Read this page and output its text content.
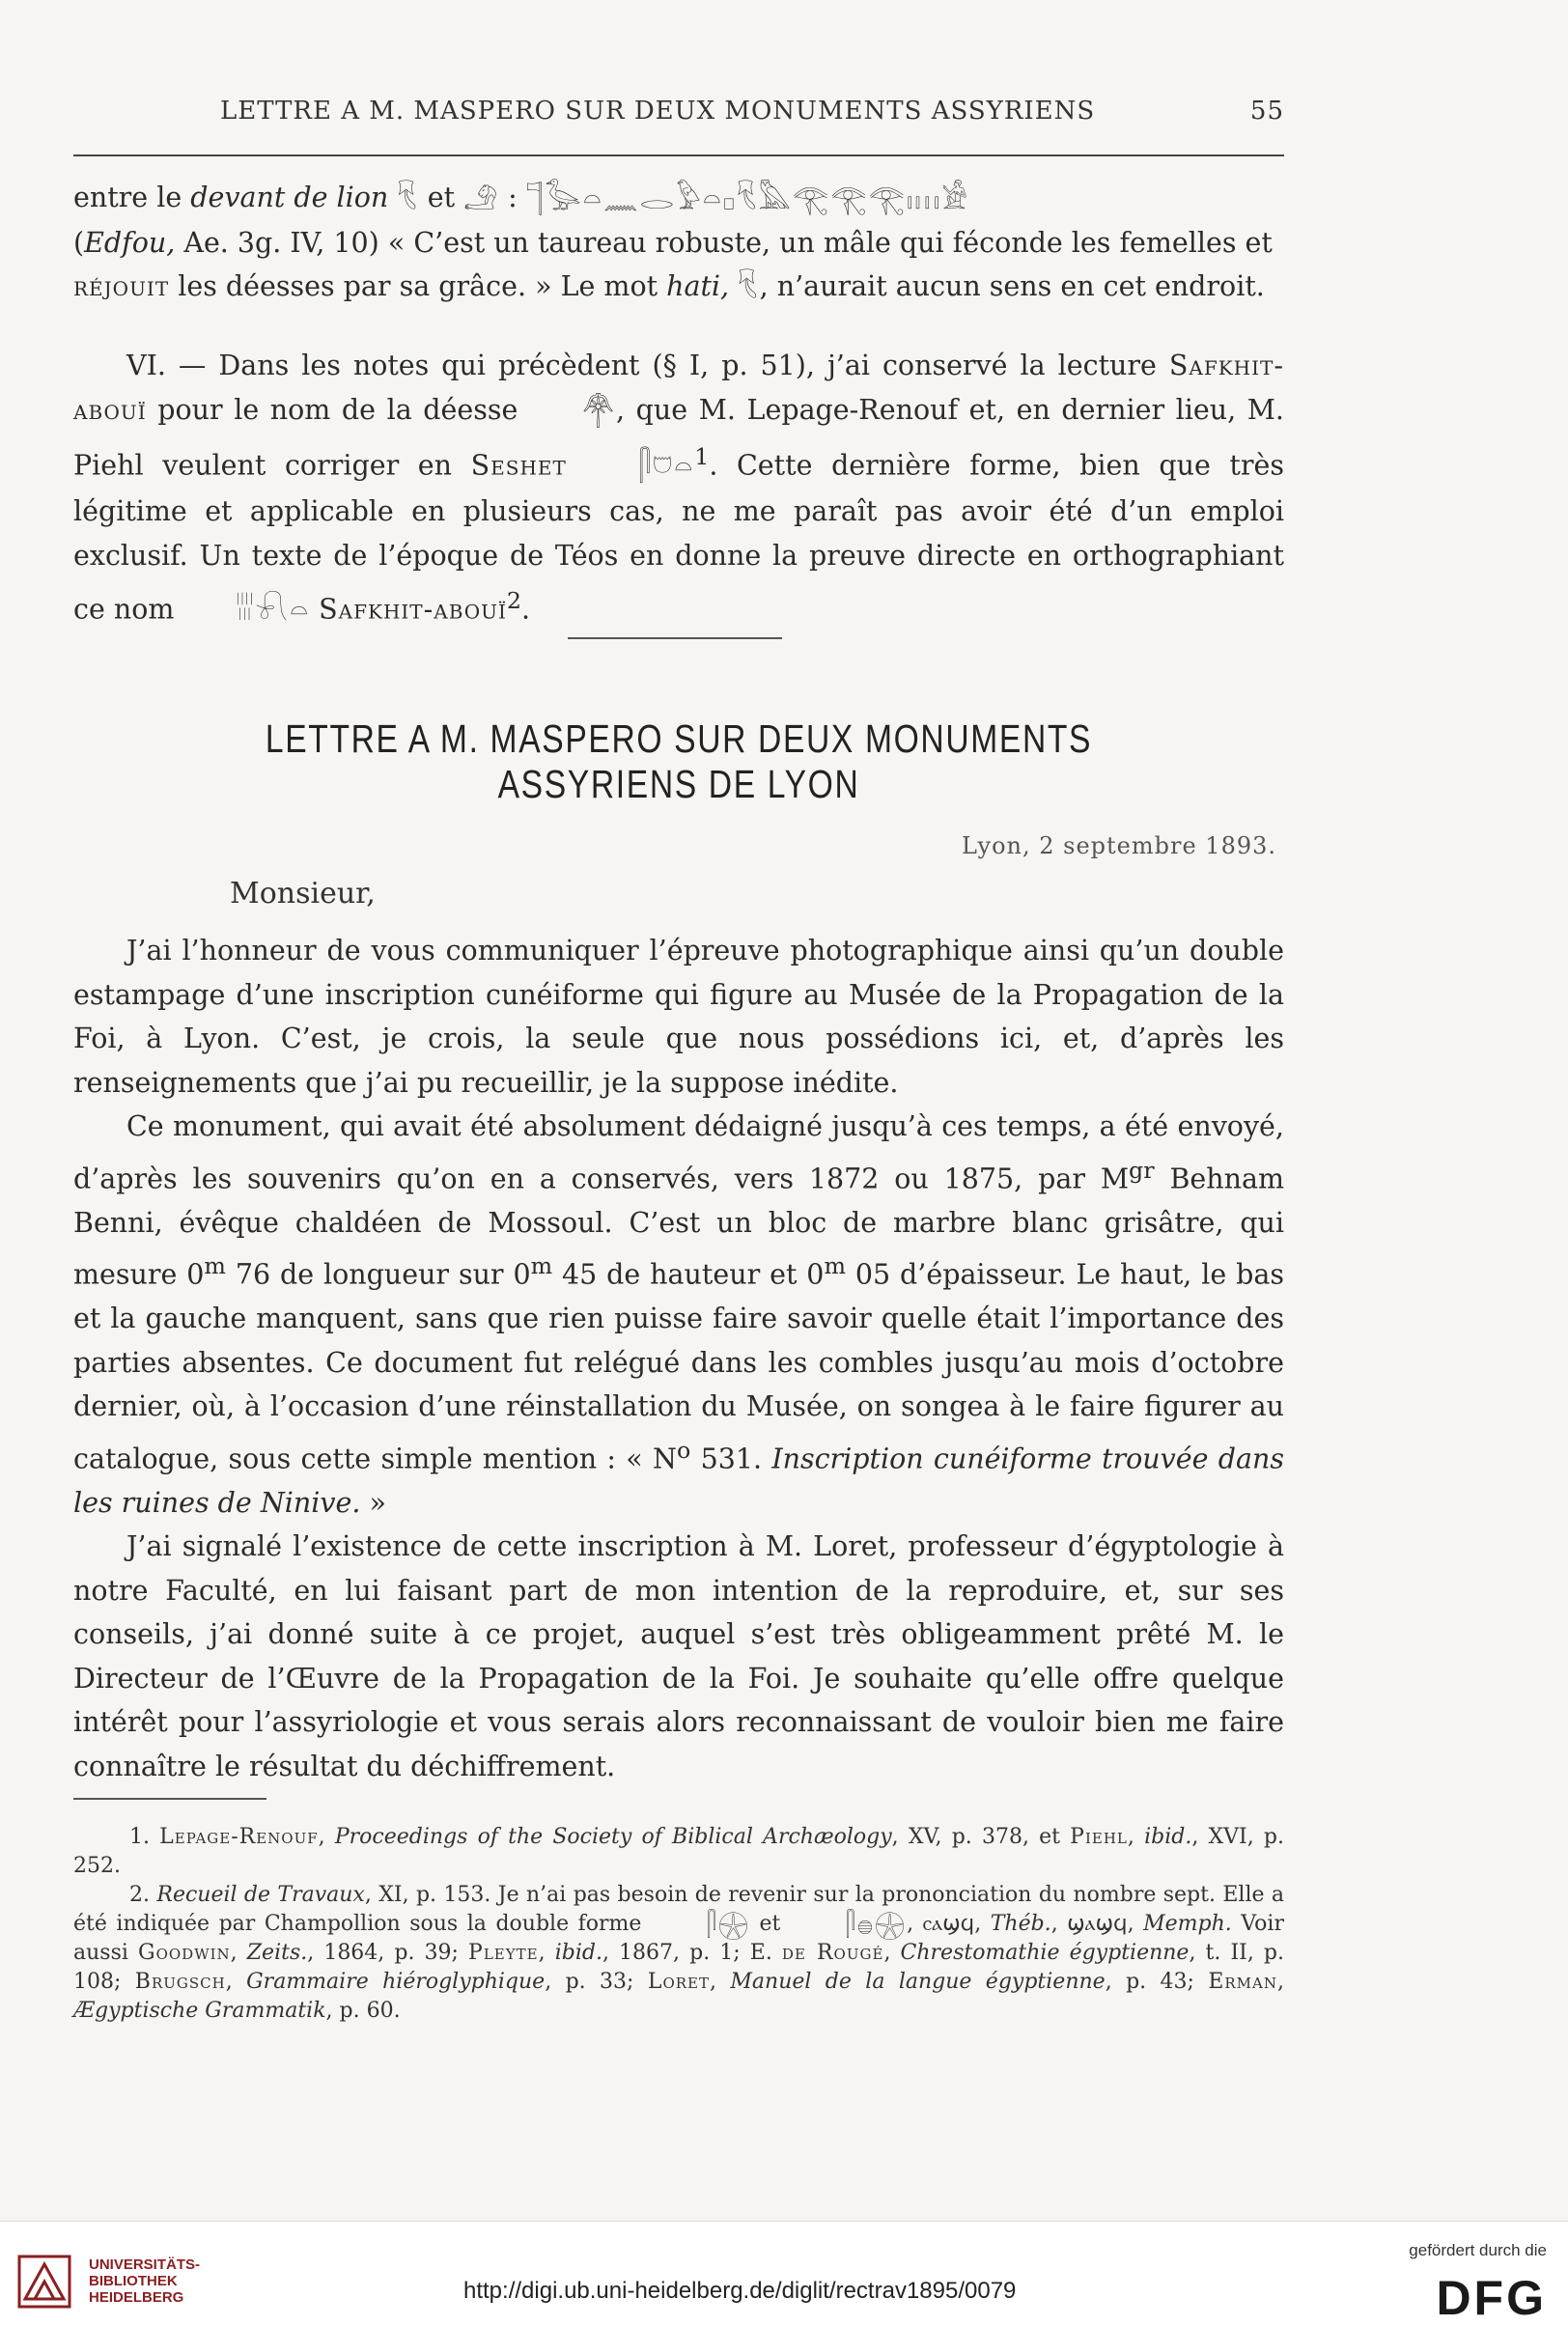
LETTRE A M. MASPERO SUR DEUX MONUMENTS ASSYRIENS	55

entre le devant de lion 𓄛 et 𓄂 : 𓊹𓅭𓏏𓈖𓂋𓅱𓏏𓊪𓄛𓅓𓂀𓂀𓂀𓏤𓏥𓀀

(Edfou, Ae. 3g. IV, 10) « C’est un taureau robuste, un mâle qui féconde les femelles et

réjouit les déesses par sa grâce. » Le mot hati, 𓄛, n’aurait aucun sens en cet endroit.

VI. — Dans les notes qui précèdent (§ I, p. 51), j’ai conservé la lecture Safkhit-abouï pour le nom de la déesse 𓋇, que M. Lepage-Renouf et, en dernier lieu, M. Piehl veulent corriger en Seshet 𓋴𓈞𓏏$^1$. Cette dernière forme, bien que très légitime et applicable en plusieurs cas, ne me paraît pas avoir été d’un emploi exclusif. Un texte de l’époque de Téos en donne la preuve directe en orthographiant ce nom 𓐀𓍯𓏏 Safkhit-abouï$^2$.

LETTRE A M. MASPERO SUR DEUX MONUMENTS ASSYRIENS DE LYON
Lyon, 2 septembre 1893.
Monsieur,

J’ai l’honneur de vous communiquer l’épreuve photographique ainsi qu’un double estampage d’une inscription cunéiforme qui figure au Musée de la Propagation de la Foi, à Lyon. C’est, je crois, la seule que nous possédions ici, et, d’après les renseignements que j’ai pu recueillir, je la suppose inédite.

Ce monument, qui avait été absolument dédaigné jusqu’à ces temps, a été envoyé, d’après les souvenirs qu’on en a conservés, vers 1872 ou 1875, par $M^{gr}$ Behnam Benni, évêque chaldéen de Mossoul. C’est un bloc de marbre blanc grisâtre, qui mesure 0$^m$ 76 de longueur sur 0$^m$ 45 de hauteur et 0$^m$ 05 d’épaisseur. Le haut, le bas et la gauche manquent, sans que rien puisse faire savoir quelle était l’importance des parties absentes. Ce document fut relégué dans les combles jusqu’au mois d’octobre dernier, où, à l’occasion d’une réinstallation du Musée, on songea à le faire figurer au catalogue, sous cette simple mention : « $N^o$ 531. Inscription cunéiforme trouvée dans les ruines de Ninive. »

J’ai signalé l’existence de cette inscription à M. Loret, professeur d’égyptologie à notre Faculté, en lui faisant part de mon intention de la reproduire, et, sur ses conseils, j’ai donné suite à ce projet, auquel s’est très obligeamment prêté M. le Directeur de l’Œuvre de la Propagation de la Foi. Je souhaite qu’elle offre quelque intérêt pour l’assyriologie et vous serais alors reconnaissant de vouloir bien me faire connaître le résultat du déchiffrement.

1. Lepage-Renouf, Proceedings of the Society of Biblical Archæology, XV, p. 378, et Piehl, ibid., XVI, p. 252.

2. Recueil de Travaux, XI, p. 153. Je n’ai pas besoin de revenir sur la prononciation du nombre sept. Elle a été indiquée par Champollion sous la double forme 𓋴𓇽 et 𓋴𓐍𓇽, ⲥⲁϣϥ, Théb., ϣⲁϣϥ, Memph. Voir aussi Goodwin, Zeits., 1864, p. 39; Pleyte, ibid., 1867, p. 1; E. de Rougé, Chrestomathie égyptienne, t. II, p. 108; Brugsch, Grammaire hiéroglyphique, p. 33; Loret, Manuel de la langue égyptienne, p. 43; Erman, Ægyptische Grammatik, p. 60.

UNIVERSITÄTS-
BIBLIOTHEK
HEIDELBERG	http://digi.ub.uni-heidelberg.de/diglit/rectrav1895/0079
gefördert durch die
DFG
